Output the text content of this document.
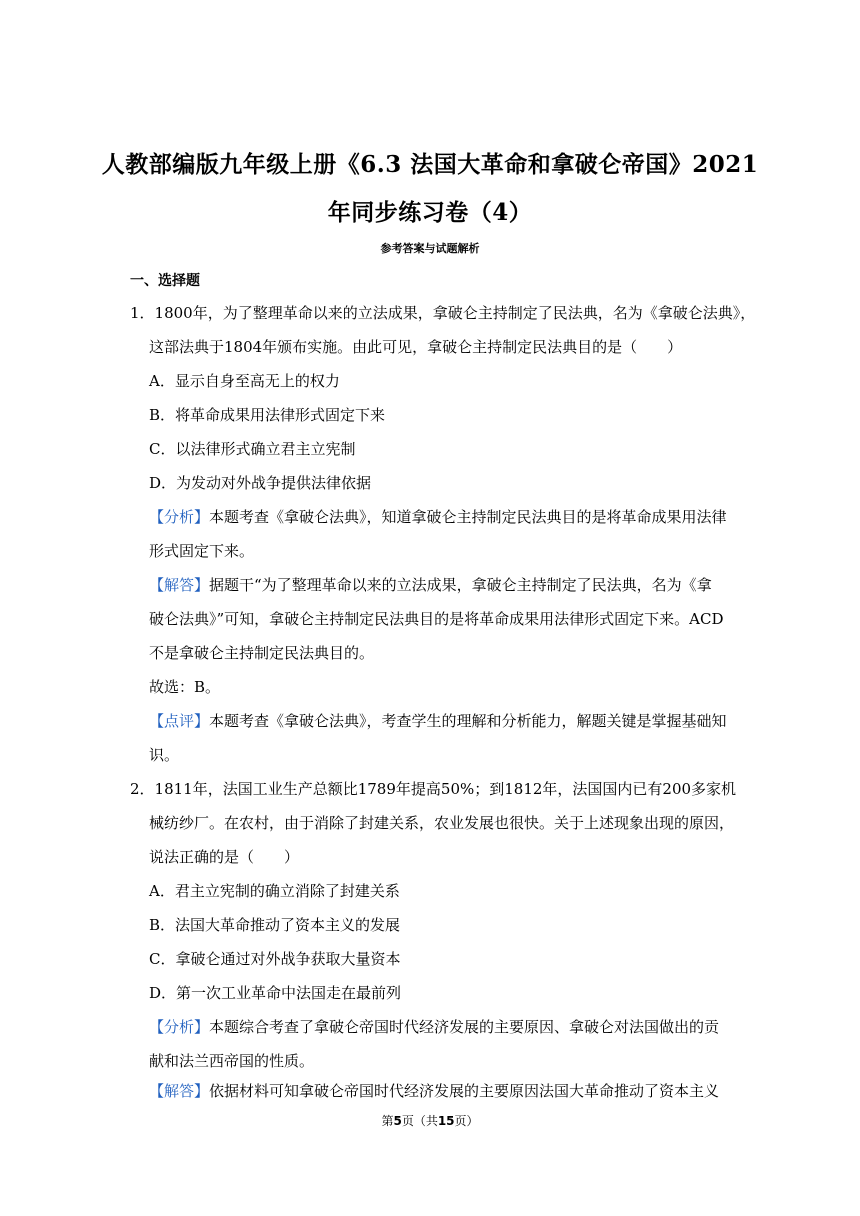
人教部编版九年级上册《6.3 法国大革命和拿破仑帝国》2021
年同步练习卷（4）
参考答案与试题解析
一、选择题
1．1800年，为了整理革命以来的立法成果，拿破仑主持制定了民法典，名为《拿破仑法典》，
这部法典于1804年颁布实施。由此可见，拿破仑主持制定民法典目的是（　　）
A．显示自身至高无上的权力
B．将革命成果用法律形式固定下来
C．以法律形式确立君主立宪制
D．为发动对外战争提供法律依据
【分析】本题考查《拿破仑法典》，知道拿破仑主持制定民法典目的是将革命成果用法律
形式固定下来。
【解答】据题干“为了整理革命以来的立法成果，拿破仑主持制定了民法典，名为《拿
破仑法典》”可知，拿破仑主持制定民法典目的是将革命成果用法律形式固定下来。ACD
不是拿破仑主持制定民法典目的。
故选：B。
【点评】本题考查《拿破仑法典》，考查学生的理解和分析能力，解题关键是掌握基础知
识。
2．1811年，法国工业生产总额比1789年提高50%；到1812年，法国国内已有200多家机
械纺纱厂。在农村，由于消除了封建关系，农业发展也很快。关于上述现象出现的原因，
说法正确的是（　　）
A．君主立宪制的确立消除了封建关系
B．法国大革命推动了资本主义的发展
C．拿破仑通过对外战争获取大量资本
D．第一次工业革命中法国走在最前列
【分析】本题综合考查了拿破仑帝国时代经济发展的主要原因、拿破仑对法国做出的贡
献和法兰西帝国的性质。
【解答】依据材料可知拿破仑帝国时代经济发展的主要原因法国大革命推动了资本主义
第5页（共15页）
